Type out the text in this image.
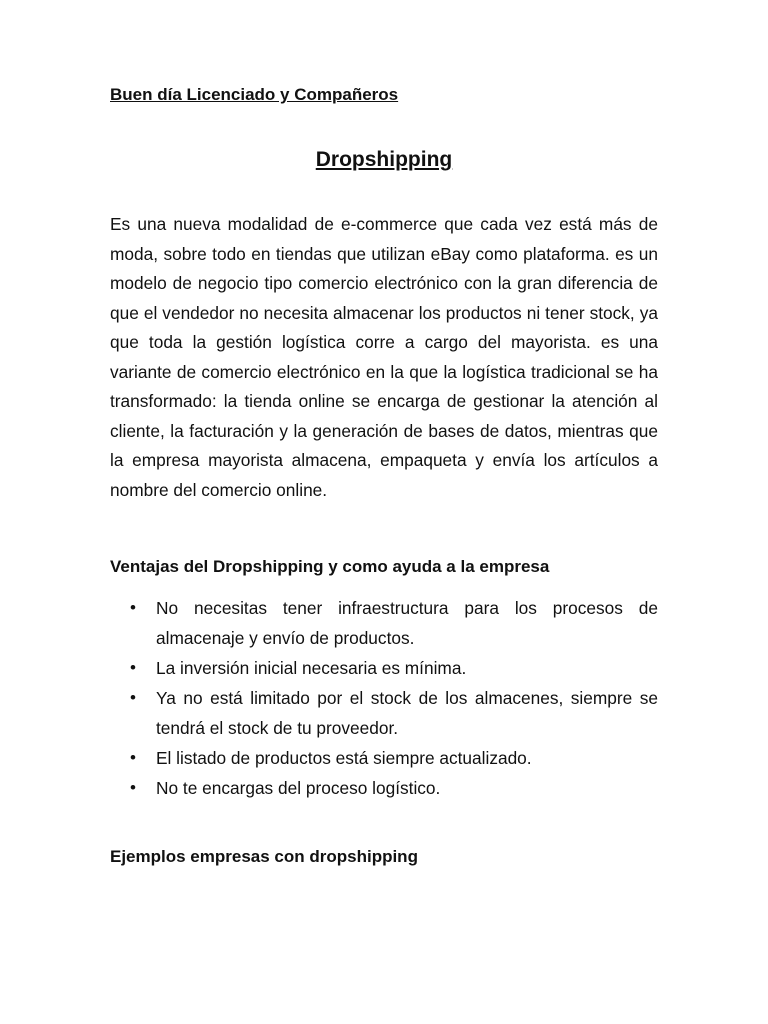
Buen día Licenciado y Compañeros

Dropshipping

Es una nueva modalidad de e-commerce que cada vez está más de moda, sobre todo en tiendas que utilizan eBay como plataforma. es un modelo de negocio tipo comercio electrónico con la gran diferencia de que el vendedor no necesita almacenar los productos ni tener stock, ya que toda la gestión logística corre a cargo del mayorista. es una variante de comercio electrónico en la que la logística tradicional se ha transformado: la tienda online se encarga de gestionar la atención al cliente, la facturación y la generación de bases de datos, mientras que la empresa mayorista almacena, empaqueta y envía los artículos a nombre del comercio online.

Ventajas del Dropshipping y como ayuda a la empresa
• No necesitas tener infraestructura para los procesos de almacenaje y envío de productos.
• La inversión inicial necesaria es mínima.
• Ya no está limitado por el stock de los almacenes, siempre se tendrá el stock de tu proveedor.
• El listado de productos está siempre actualizado.
• No te encargas del proceso logístico.
Ejemplos empresas con dropshipping
